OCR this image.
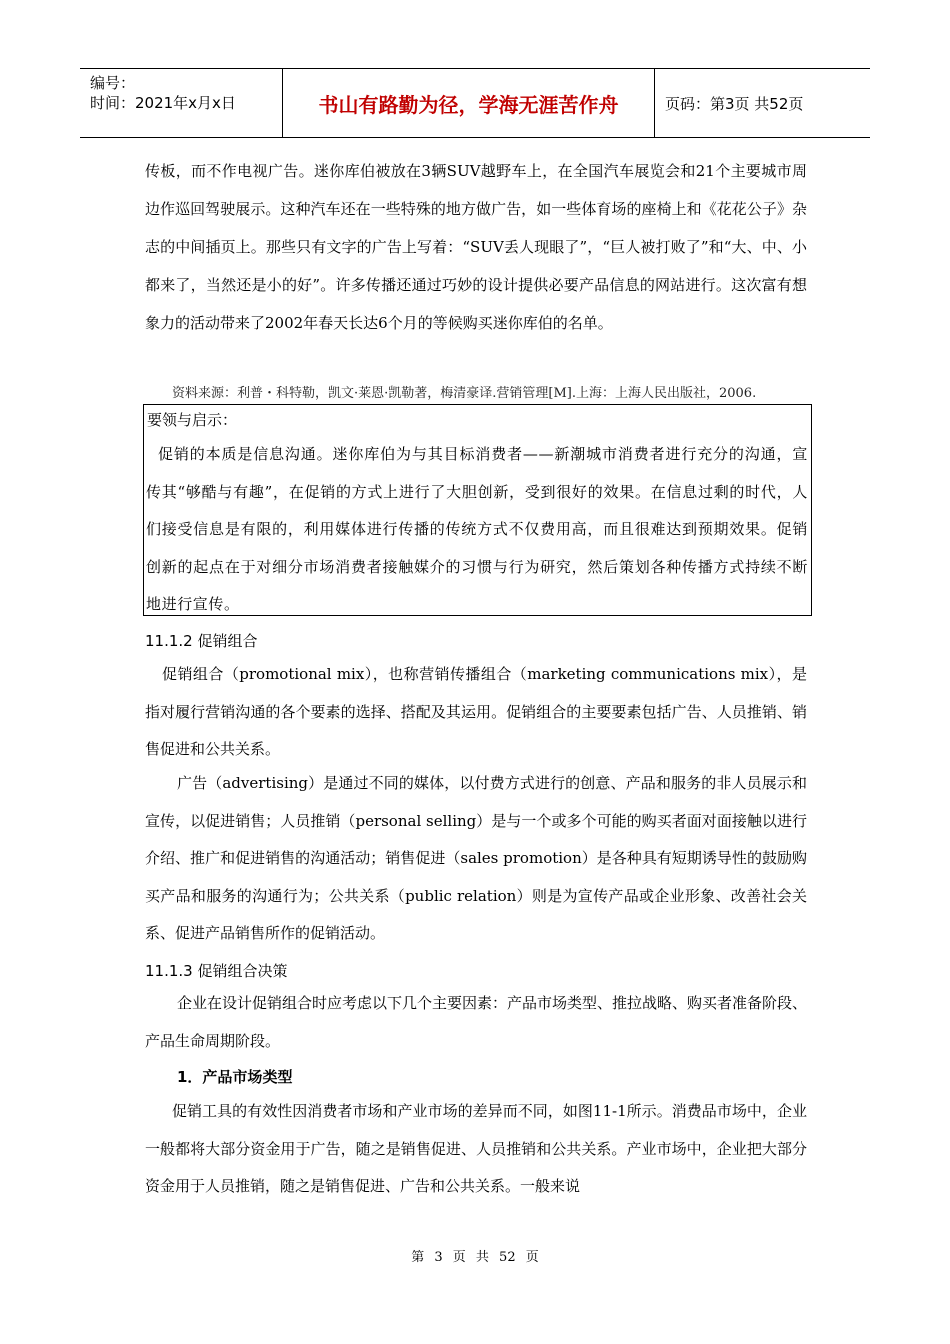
编号：
时间：2021年x月x日	书山有路勤为径，学海无涯苦作舟	页码：第3页 共52页
传板，而不作电视广告。迷你库伯被放在3辆SUV越野车上，在全国汽车展览会和21个主要城市周边作巡回驾驶展示。这种汽车还在一些特殊的地方做广告，如一些体育场的座椅上和《花花公子》杂志的中间插页上。那些只有文字的广告上写着：“SUV丢人现眼了”，“巨人被打败了”和“大、中、小都来了，当然还是小的好”。许多传播还通过巧妙的设计提供必要产品信息的网站进行。这次富有想象力的活动带来了2002年春天长达6个月的等候购买迷你库伯的名单。
资料来源：利普・科特勒，凯文·莱恩·凯勒著，梅清豪译.营销管理[M].上海：上海人民出版社，2006.
要领与启示：
促销的本质是信息沟通。迷你库伯为与其目标消费者——新潮城市消费者进行充分的沟通，宣传其“够酷与有趣”，在促销的方式上进行了大胆创新，受到很好的效果。在信息过剩的时代，人们接受信息是有限的，利用媒体进行传播的传统方式不仅费用高，而且很难达到预期效果。促销创新的起点在于对细分市场消费者接触媒介的习惯与行为研究，然后策划各种传播方式持续不断地进行宣传。
11.1.2 促销组合
促销组合（promotional mix），也称营销传播组合（marketing communications mix），是指对履行营销沟通的各个要素的选择、搭配及其运用。促销组合的主要要素包括广告、人员推销、销售促进和公共关系。
广告（advertising）是通过不同的媒体，以付费方式进行的创意、产品和服务的非人员展示和宣传，以促进销售；人员推销（personal selling）是与一个或多个可能的购买者面对面接触以进行介绍、推广和促进销售的沟通活动；销售促进（sales promotion）是各种具有短期诱导性的鼓励购买产品和服务的沟通行为；公共关系（public relation）则是为宣传产品或企业形象、改善社会关系、促进产品销售所作的促销活动。
11.1.3 促销组合决策
企业在设计促销组合时应考虑以下几个主要因素：产品市场类型、推拉战略、购买者准备阶段、产品生命周期阶段。
1．产品市场类型
促销工具的有效性因消费者市场和产业市场的差异而不同，如图11-1所示。消费品市场中，企业一般都将大部分资金用于广告，随之是销售促进、人员推销和公共关系。产业市场中，企业把大部分资金用于人员推销，随之是销售促进、广告和公共关系。一般来说
第 3 页 共 52 页
